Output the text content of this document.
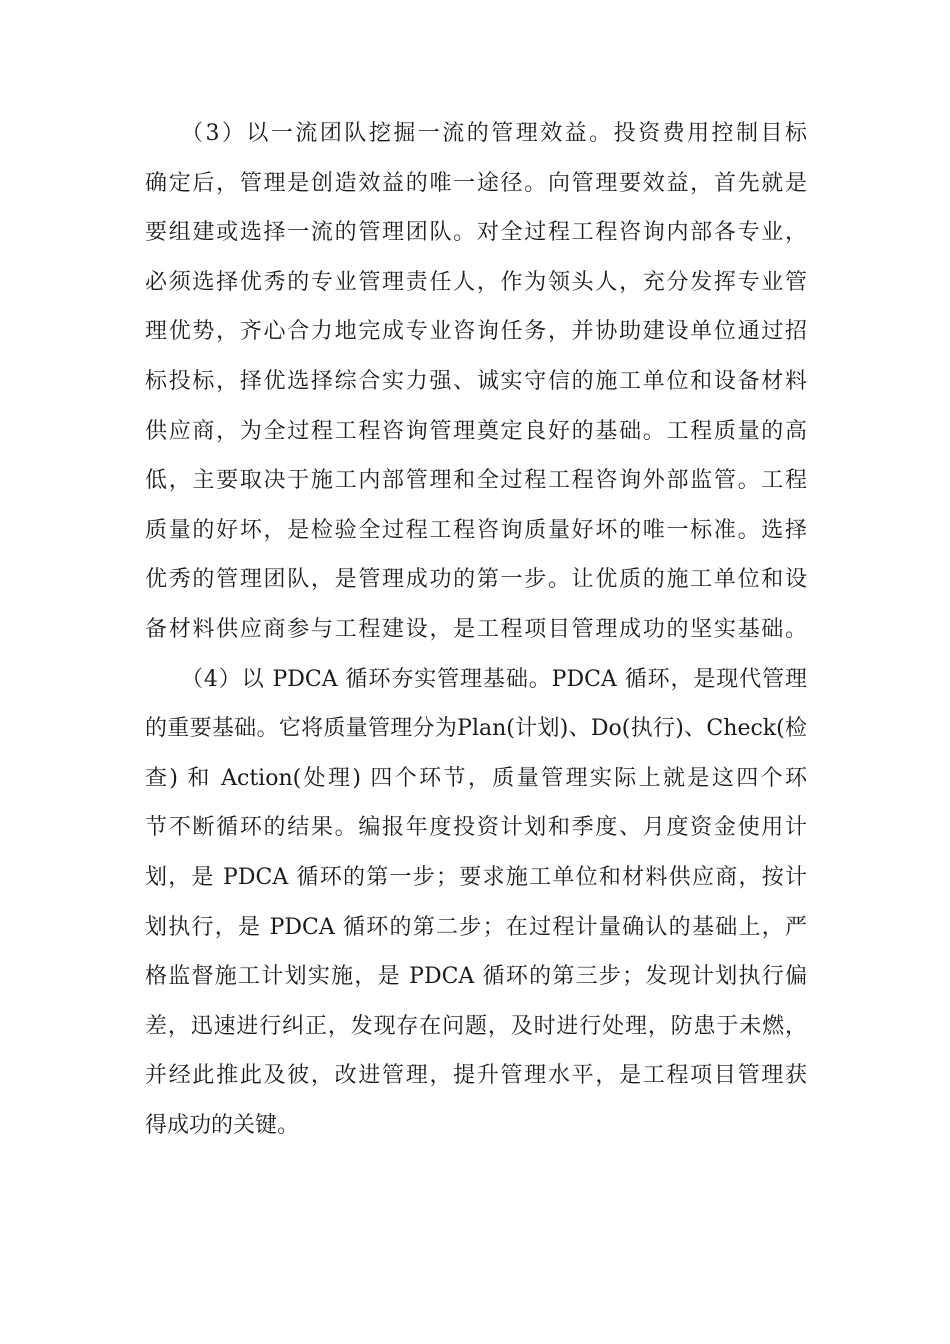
（3）以一流团队挖掘一流的管理效益。投资费用控制目标
确定后，管理是创造效益的唯一途径。向管理要效益，首先就是
要组建或选择一流的管理团队。对全过程工程咨询内部各专业，
必须选择优秀的专业管理责任人，作为领头人，充分发挥专业管
理优势，齐心合力地完成专业咨询任务，并协助建设单位通过招
标投标，择优选择综合实力强、诚实守信的施工单位和设备材料
供应商，为全过程工程咨询管理奠定良好的基础。工程质量的高
低，主要取决于施工内部管理和全过程工程咨询外部监管。工程
质量的好坏，是检验全过程工程咨询质量好坏的唯一标准。选择
优秀的管理团队，是管理成功的第一步。让优质的施工单位和设
备材料供应商参与工程建设，是工程项目管理成功的坚实基础。
（4）以 PDCA 循环夯实管理基础。PDCA 循环，是现代管理
的重要基础。它将质量管理分为Plan(计划)、Do(执行)、Check(检
查) 和 Action(处理) 四个环节，质量管理实际上就是这四个环
节不断循环的结果。编报年度投资计划和季度、月度资金使用计
划，是 PDCA 循环的第一步；要求施工单位和材料供应商，按计
划执行，是 PDCA 循环的第二步；在过程计量确认的基础上，严
格监督施工计划实施，是 PDCA 循环的第三步；发现计划执行偏
差，迅速进行纠正，发现存在问题，及时进行处理，防患于未燃，
并经此推此及彼，改进管理，提升管理水平，是工程项目管理获
得成功的关键。
